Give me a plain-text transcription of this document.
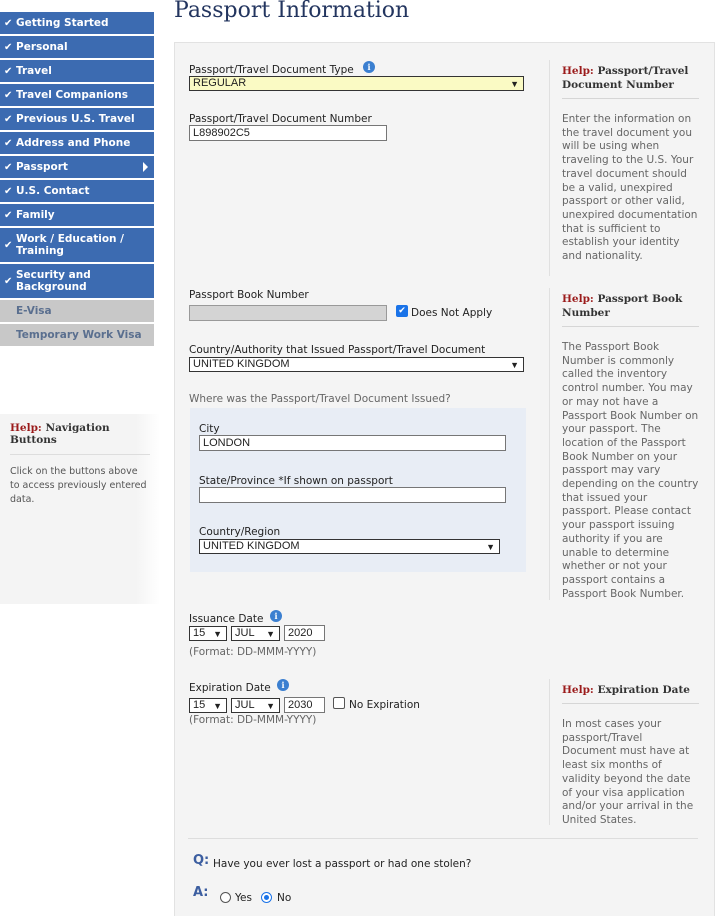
✔ Getting Started
✔ Personal
✔ Travel
✔ Travel Companions
✔ Previous U.S. Travel
✔ Address and Phone
✔ Passport
✔ U.S. Contact
✔ Family
✔ Work / Education / Training
✔ Security and Background
E-Visa
Temporary Work Visa
Help: Navigation Buttons
Click on the buttons above to access previously entered data.
Passport Information
Passport/Travel Document Type	i
REGULAR	▼
Passport/Travel Document Number
L898902C5
Help: Passport/Travel Document Number
Enter the information on the travel document you will be using when traveling to the U.S. Your travel document should be a valid, unexpired passport or other valid, unexpired documentation that is sufficient to establish your identity and nationality.
Passport Book Number
✔ Does Not Apply
Help: Passport Book Number
The Passport Book Number is commonly called the inventory control number. You may or may not have a Passport Book Number on your passport. The location of the Passport Book Number on your passport may vary depending on the country that issued your passport. Please contact your passport issuing authority if you are unable to determine whether or not your passport contains a Passport Book Number.
Country/Authority that Issued Passport/Travel Document
UNITED KINGDOM	▼
Where was the Passport/Travel Document Issued?
City
LONDON
State/Province *If shown on passport
Country/Region
UNITED KINGDOM	▼
Issuance Date	i
15 ▼	JUL ▼	2020
(Format: DD-MMM-YYYY)
Expiration Date	i
15 ▼	JUL ▼	2030	No Expiration
(Format: DD-MMM-YYYY)
Help: Expiration Date
In most cases your passport/Travel Document must have at least six months of validity beyond the date of your visa application and/or your arrival in the United States.
Q: Have you ever lost a passport or had one stolen?
A:	Yes No
